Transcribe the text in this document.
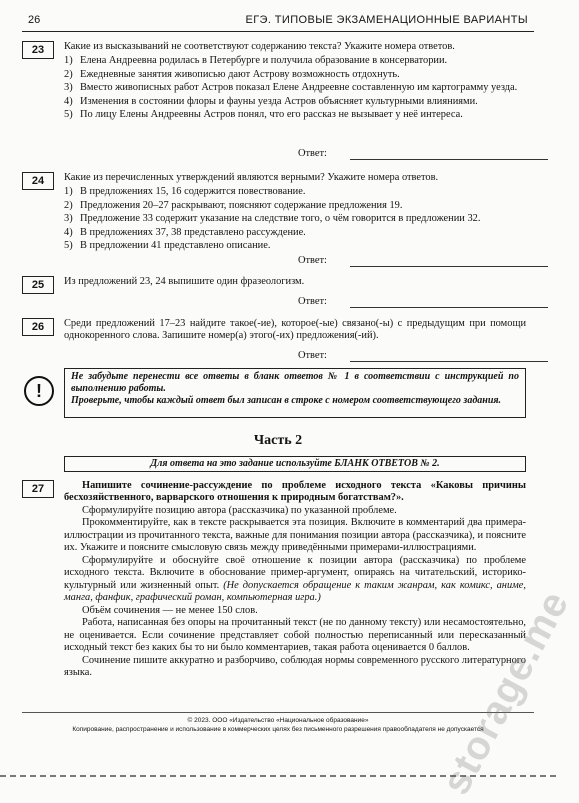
26	ЕГЭ. ТИПОВЫЕ ЭКЗАМЕНАЦИОННЫЕ ВАРИАНТЫ
23	Какие из высказываний не соответствуют содержанию текста? Укажите номера ответов.

1) Елена Андреевна родилась в Петербурге и получила образование в консерватории.
2) Ежедневные занятия живописью дают Астрову возможность отдохнуть.
3) Вместо живописных работ Астров показал Елене Андреевне составленную им картограмму уезда.
4) Изменения в состоянии флоры и фауны уезда Астров объясняет культурными влияниями.
5) По лицу Елены Андреевны Астров понял, что его рассказ не вызывает у неё интереса.
Ответ:
24	Какие из перечисленных утверждений являются верными? Укажите номера ответов.

1) В предложениях 15, 16 содержится повествование.
2) Предложения 20–27 раскрывают, поясняют содержание предложения 19.
3) Предложение 33 содержит указание на следствие того, о чём говорится в предложении 32.
4) В предложениях 37, 38 представлено рассуждение.
5) В предложении 41 представлено описание.
Ответ:
25	Из предложений 23, 24 выпишите один фразеологизм.

Ответ:
26	Среди предложений 17–23 найдите такое(-ие), которое(-ые) связано(-ы) с предыдущим при помощи однокоренного слова. Запишите номер(а) этого(-их) предложения(-ий).

Ответ:
!
Не забудьте перенести все ответы в бланк ответов № 1 в соответствии с инструкцией по выполнению работы.
Проверьте, чтобы каждый ответ был записан в строке с номером соответствующего задания.
Часть 2
Для ответа на это задание используйте БЛАНК ОТВЕТОВ № 2.
27	Напишите сочинение-рассуждение по проблеме исходного текста «Каковы причины бесхозяйственного, варварского отношения к природным богатствам?».

Сформулируйте позицию автора (рассказчика) по указанной проблеме.

Прокомментируйте, как в тексте раскрывается эта позиция. Включите в комментарий два примера-иллюстрации из прочитанного текста, важные для понимания позиции автора (рассказчика), и поясните их. Укажите и поясните смысловую связь между приведёнными примерами-иллюстрациями.

Сформулируйте и обоснуйте своё отношение к позиции автора (рассказчика) по проблеме исходного текста. Включите в обоснование пример-аргумент, опираясь на читательский, историко-культурный или жизненный опыт. (Не допускается обращение к таким жанрам, как комикс, аниме, манга, фанфик, графический роман, компьютерная игра.)

Объём сочинения — не менее 150 слов.

Работа, написанная без опоры на прочитанный текст (не по данному тексту) или несамостоятельно, не оценивается. Если сочинение представляет собой полностью переписанный или пересказанный исходный текст без каких бы то ни было комментариев, такая работа оценивается 0 баллов.

Сочинение пишите аккуратно и разборчиво, соблюдая нормы современного русского литературного языка.

© 2023. ООО «Издательство «Национальное образование»
Копирование, распространение и использование в коммерческих целях без письменного разрешения правообладателя не допускается
storage.me
